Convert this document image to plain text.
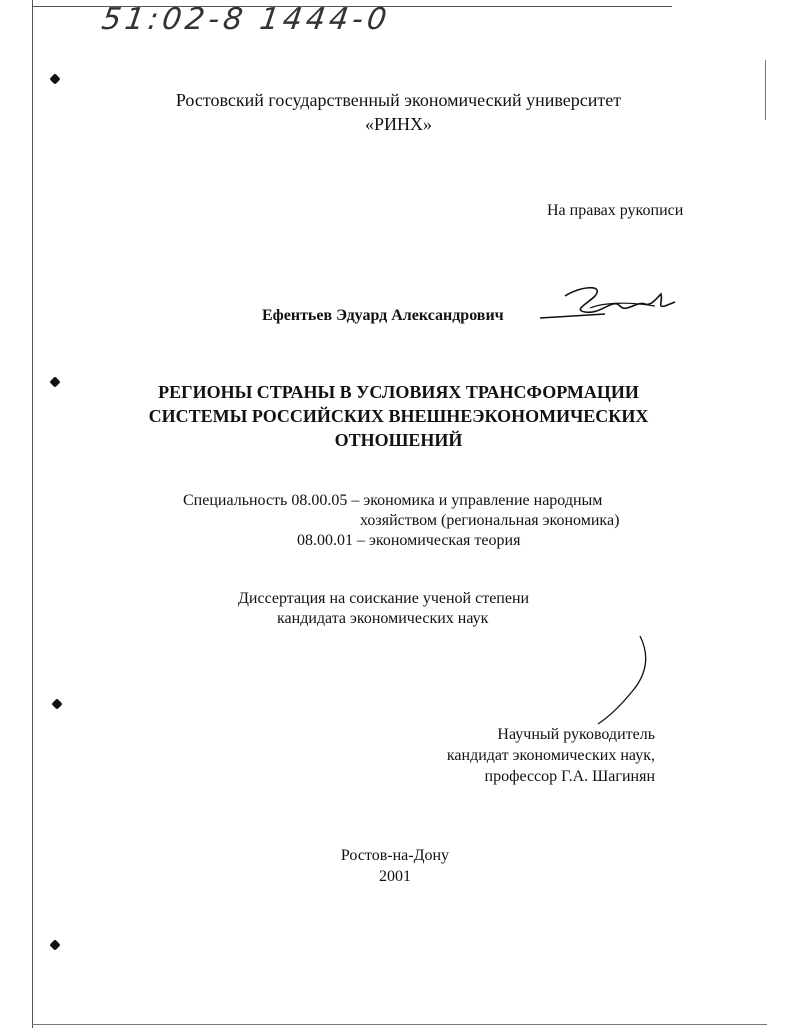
51:02-8 1444-0
Ростовский государственный экономический университет
«РИНХ»
На правах рукописи
Ефентьев Эдуард Александрович
РЕГИОНЫ СТРАНЫ В УСЛОВИЯХ ТРАНСФОРМАЦИИ
СИСТЕМЫ РОССИЙСКИХ ВНЕШНЕЭКОНОМИЧЕСКИХ
ОТНОШЕНИЙ
Специальность 08.00.05 – экономика и управление народным
хозяйством (региональная экономика)
08.00.01 – экономическая теория
Диссертация на соискание ученой степени
кандидата экономических наук
Научный руководитель
кандидат экономических наук,
профессор Г.А. Шагинян
Ростов-на-Дону
2001
